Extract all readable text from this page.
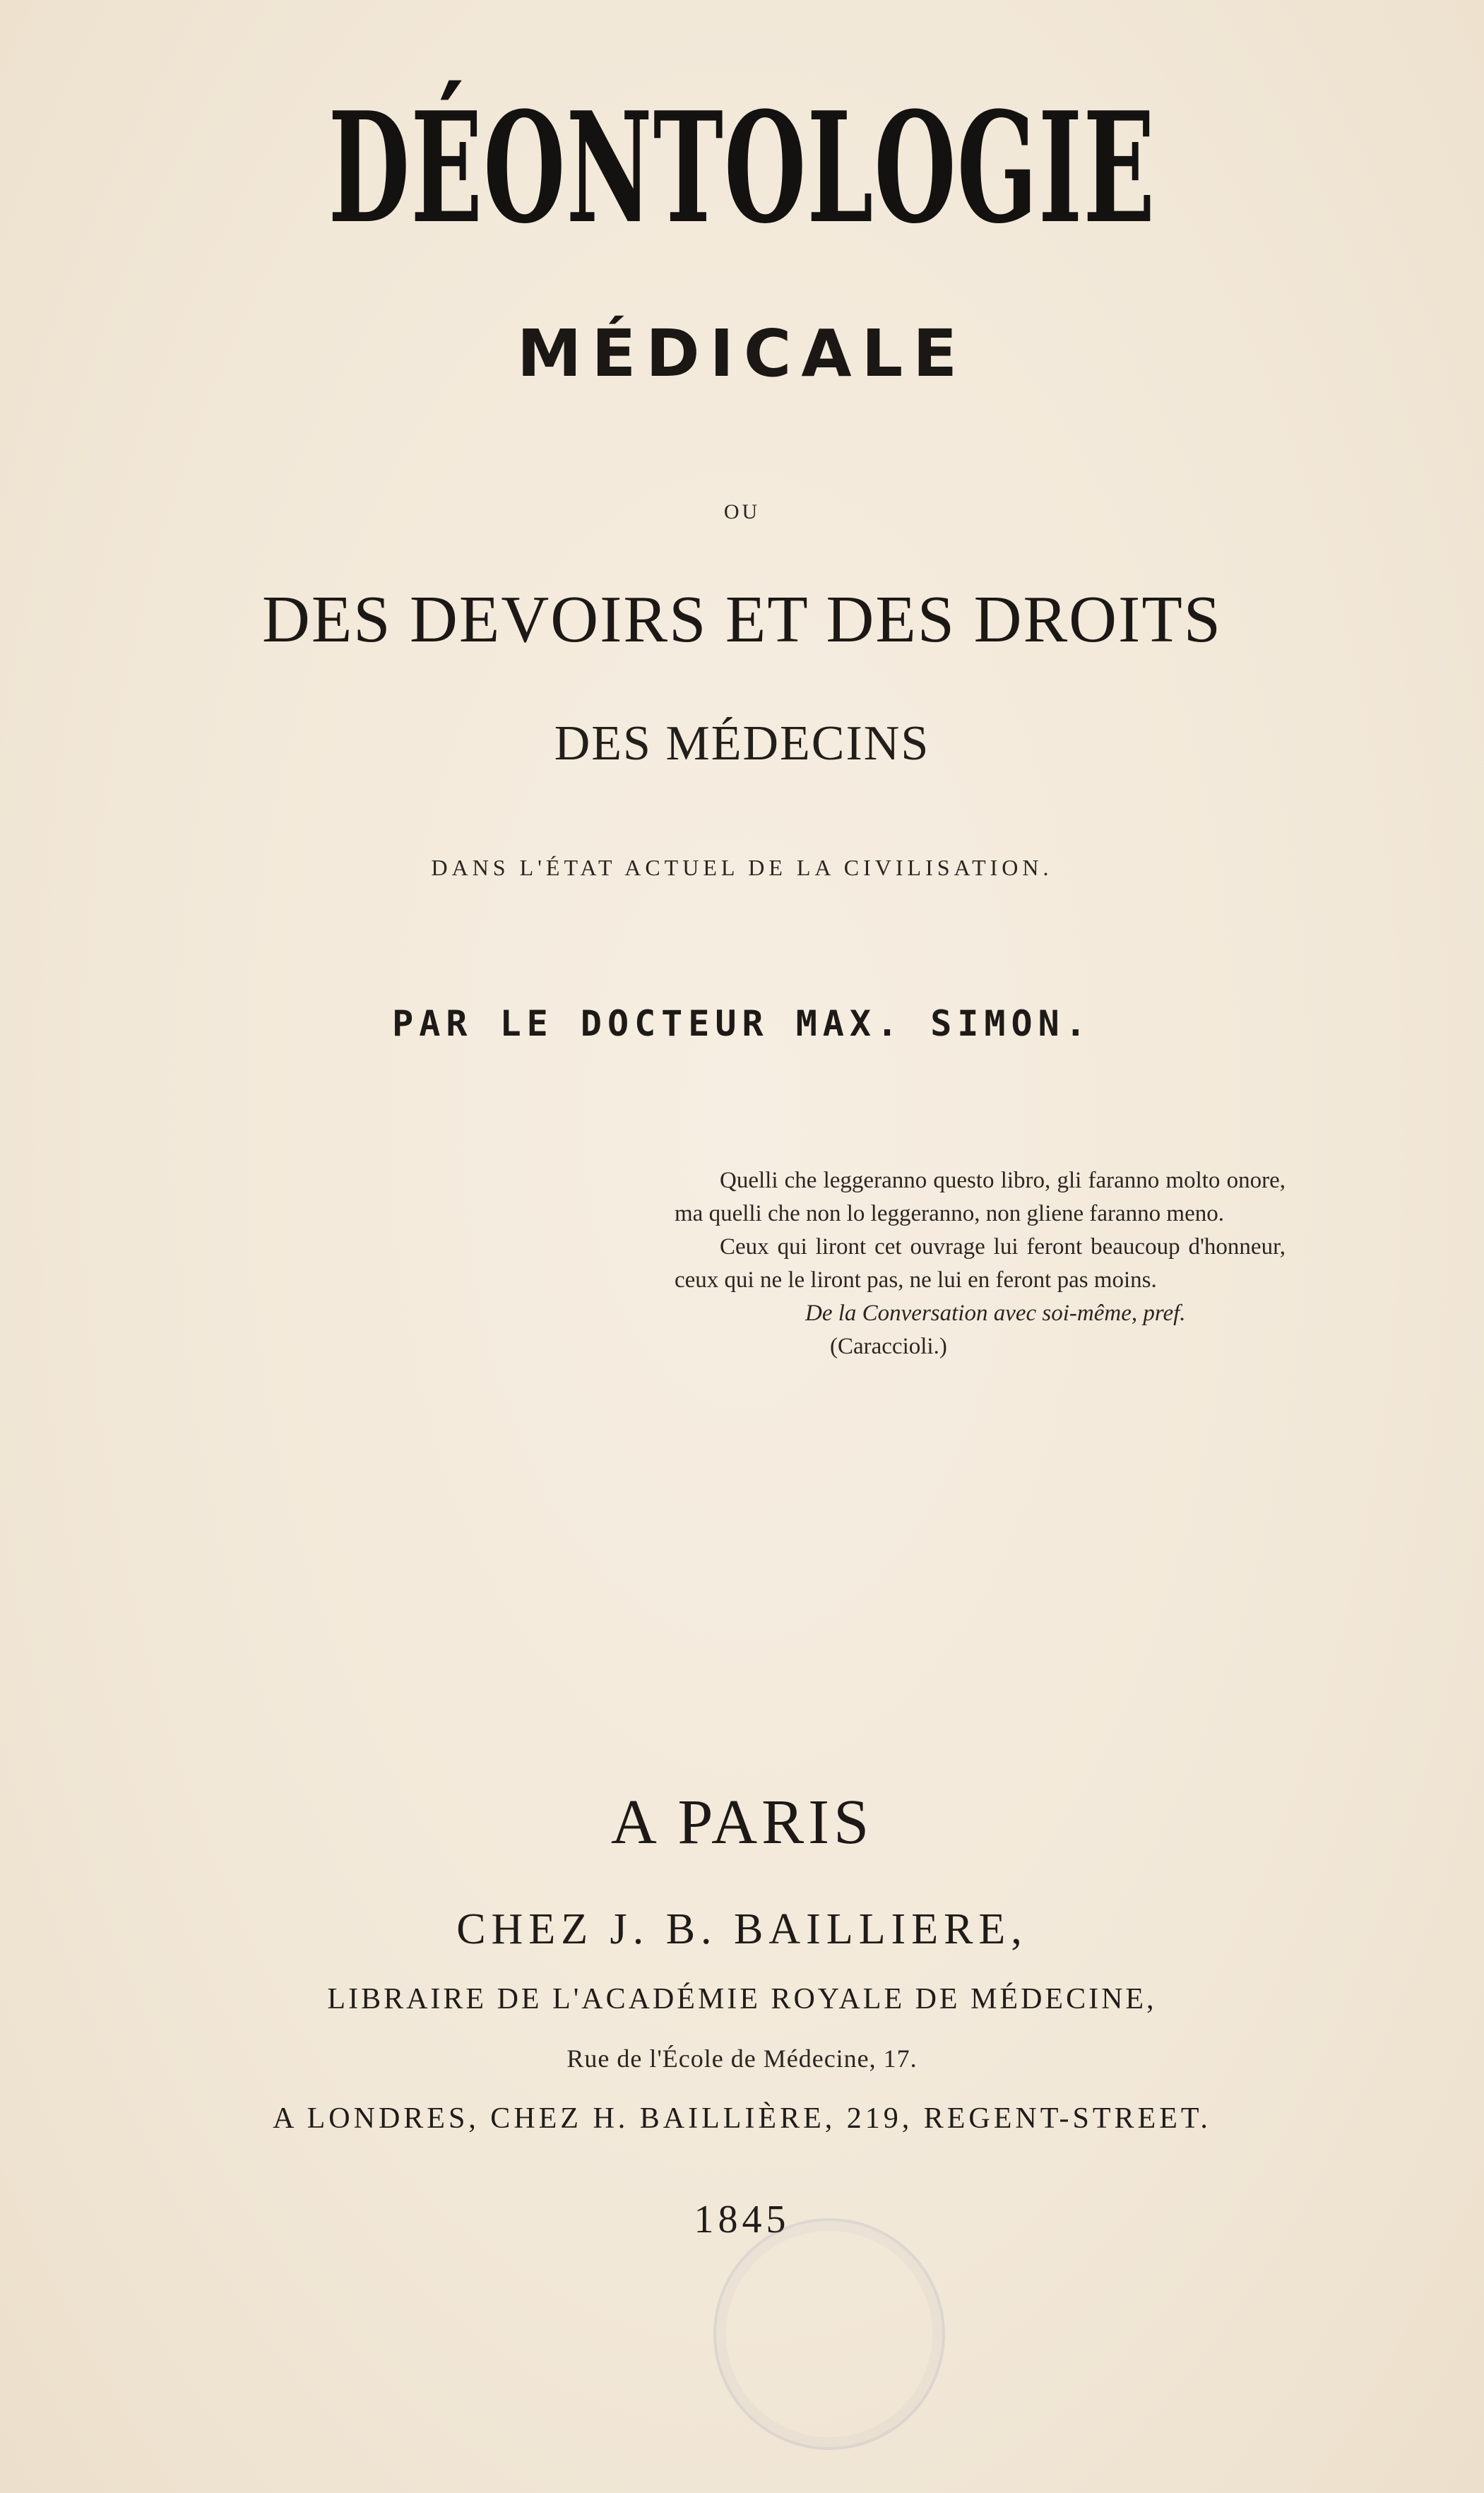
DÉONTOLOGIE
MÉDICALE
OU
DES DEVOIRS ET DES DROITS
DES MÉDECINS
DANS L'ÉTAT ACTUEL DE LA CIVILISATION.
PAR LE DOCTEUR MAX. SIMON.

Quelli che leggeranno questo libro, gli faranno molto onore, ma quelli che non lo leggeranno, non gliene faranno meno.

Ceux qui liront cet ouvrage lui feront beaucoup d'honneur, ceux qui ne le liront pas, ne lui en feront pas moins.

De la Conversation avec soi-même, pref.
(Caraccioli.)
A PARIS
CHEZ J. B. BAILLIERE,
LIBRAIRE DE L'ACADÉMIE ROYALE DE MÉDECINE,
Rue de l'École de Médecine, 17.
A LONDRES, CHEZ H. BAILLIÈRE, 219, REGENT-STREET.
1845
